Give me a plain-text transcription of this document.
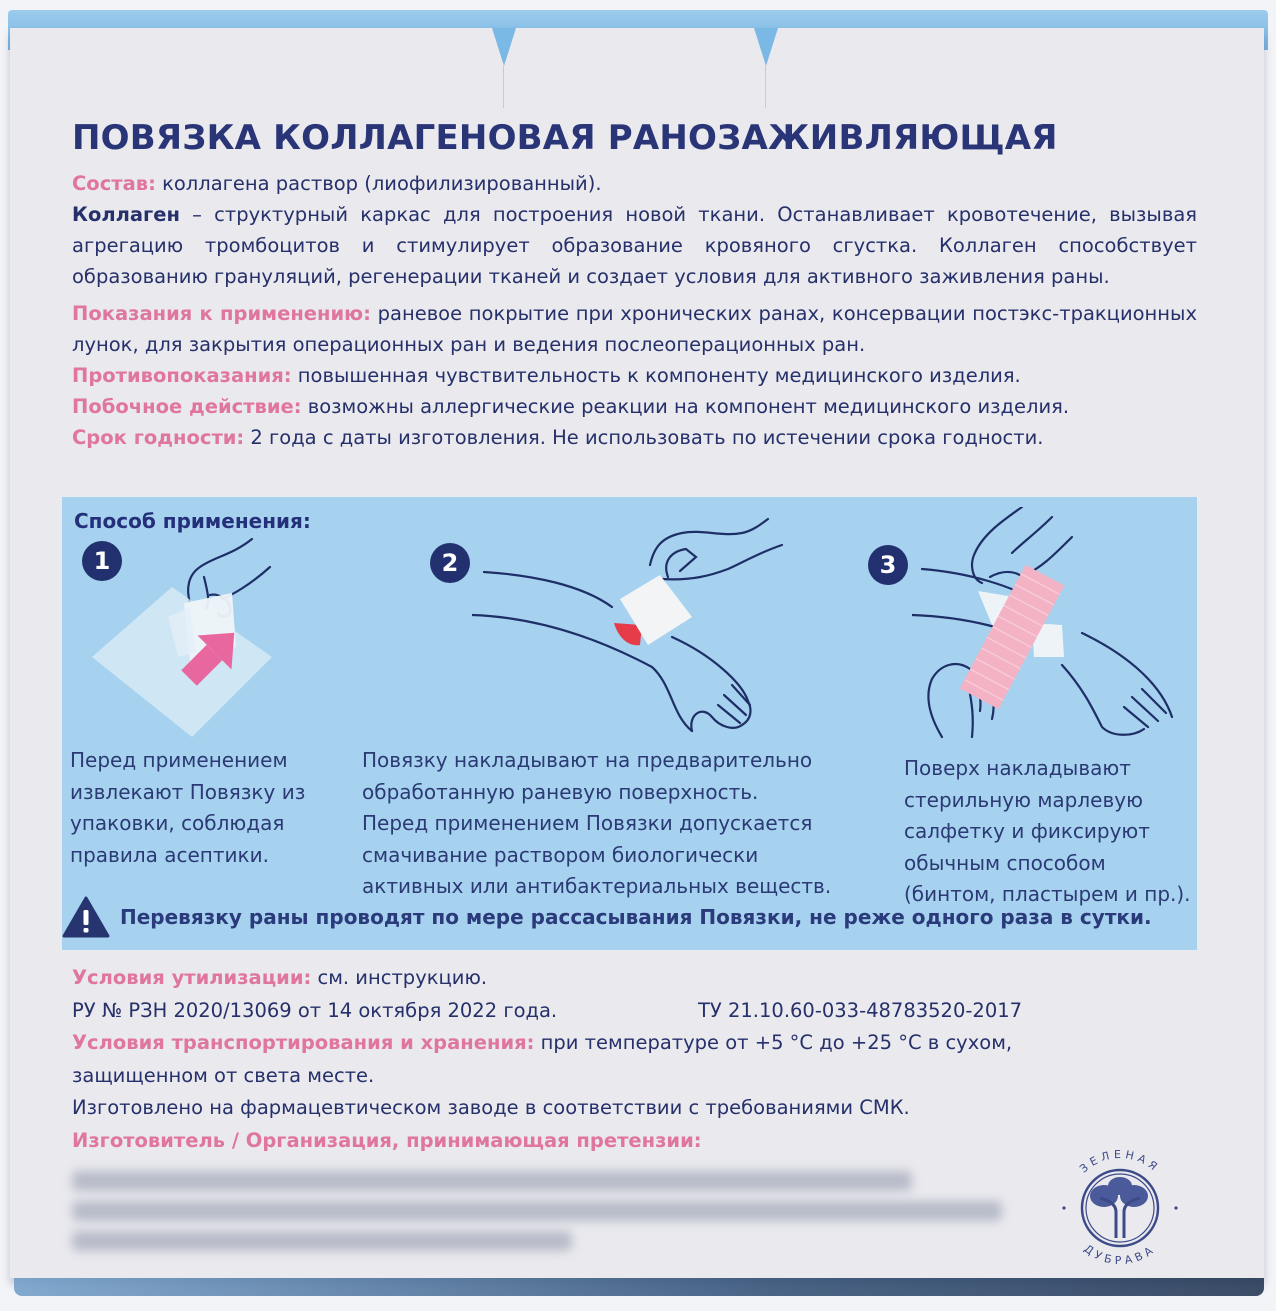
ПОВЯЗКА КОЛЛАГЕНОВАЯ РАНОЗАЖИВЛЯЮЩАЯ

Состав: коллагена раствор (лиофилизированный).

Коллаген – структурный каркас для построения новой ткани. Останавливает кровотечение, вызывая агрегацию тромбоцитов и стимулирует образование кровяного сгустка. Коллаген способствует образованию грануляций, регенерации тканей и создает условия для активного заживления раны.

Показания к применению: раневое покрытие при хронических ранах, консервации постэкс-тракционных лунок, для закрытия операционных ран и ведения послеоперационных ран.

Противопоказания: повышенная чувствительность к компоненту медицинского изделия.

Побочное действие: возможны аллергические реакции на компонент медицинского изделия.

Срок годности: 2 года с даты изготовления. Не использовать по истечении срока годности.

Способ применения:
1
Перед применением
извлекают Повязку из
упаковки, соблюдая
правила асептики.
2
Повязку накладывают на предварительно
обработанную раневую поверхность.
Перед применением Повязки допускается
смачивание раствором биологически
активных или антибактериальных веществ.
3
Поверх накладывают
стерильную марлевую
салфетку и фиксируют
обычным способом
(бинтом, пластырем и пр.).
Перевязку раны проводят по мере рассасывания Повязки, не реже одного раза в сутки.

Условия утилизации: см. инструкцию.

РУ № РЗН 2020/13069 от 14 октября 2022 года.	ТУ 21.10.60-033-48783520-2017

Условия транспортирования и хранения: при температуре от +5 °С до +25 °С в сухом, защищенном от света месте.

Изготовлено на фармацевтическом заводе в соответствии с требованиями СМК.

Изготовитель / Организация, принимающая претензии:

ЗЕЛЕНАЯ
ДУБРАВА
